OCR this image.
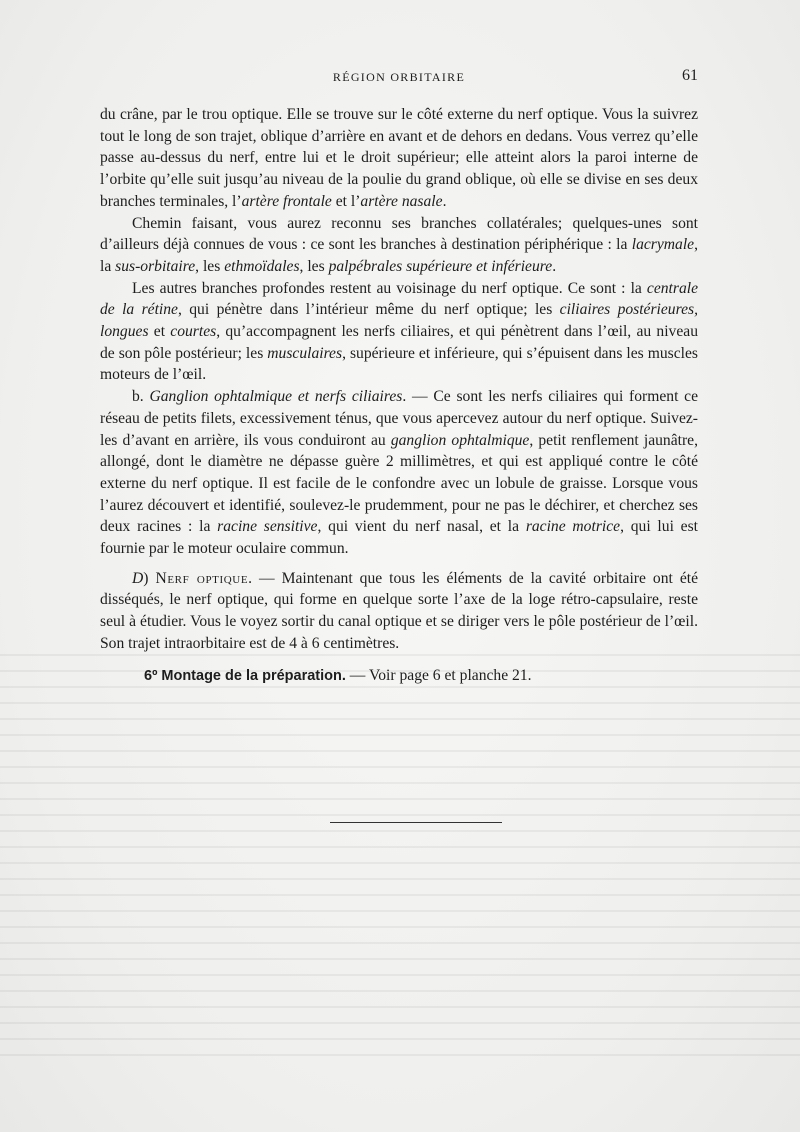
RÉGION ORBITAIRE	61

du crâne, par le trou optique. Elle se trouve sur le côté externe du nerf optique. Vous la suivrez tout le long de son trajet, oblique d’arrière en avant et de dehors en dedans. Vous verrez qu’elle passe au-dessus du nerf, entre lui et le droit supérieur; elle atteint alors la paroi interne de l’orbite qu’elle suit jusqu’au niveau de la poulie du grand oblique, où elle se divise en ses deux branches terminales, l’artère frontale et l’artère nasale.

Chemin faisant, vous aurez reconnu ses branches collatérales; quelques-unes sont d’ailleurs déjà connues de vous : ce sont les branches à destination périphérique : la lacrymale, la sus-orbitaire, les ethmoïdales, les palpébrales supérieure et inférieure.

Les autres branches profondes restent au voisinage du nerf optique. Ce sont : la centrale de la rétine, qui pénètre dans l’intérieur même du nerf optique; les ciliaires postérieures, longues et courtes, qu’accompagnent les nerfs ciliaires, et qui pénètrent dans l’œil, au niveau de son pôle postérieur; les musculaires, supérieure et inférieure, qui s’épuisent dans les muscles moteurs de l’œil.

b. Ganglion ophtalmique et nerfs ciliaires. — Ce sont les nerfs ciliaires qui forment ce réseau de petits filets, excessivement ténus, que vous apercevez autour du nerf optique. Suivez-les d’avant en arrière, ils vous conduiront au ganglion ophtalmique, petit renflement jaunâtre, allongé, dont le diamètre ne dépasse guère 2 millimètres, et qui est appliqué contre le côté externe du nerf optique. Il est facile de le confondre avec un lobule de graisse. Lorsque vous l’aurez découvert et identifié, soulevez-le prudemment, pour ne pas le déchirer, et cherchez ses deux racines : la racine sensitive, qui vient du nerf nasal, et la racine motrice, qui lui est fournie par le moteur oculaire commun.

D) Nerf optique. — Maintenant que tous les éléments de la cavité orbitaire ont été disséqués, le nerf optique, qui forme en quelque sorte l’axe de la loge rétro-capsulaire, reste seul à étudier. Vous le voyez sortir du canal optique et se diriger vers le pôle postérieur de l’œil. Son trajet intraorbitaire est de 4 à 6 centimètres.

6º Montage de la préparation. — Voir page 6 et planche 21.
